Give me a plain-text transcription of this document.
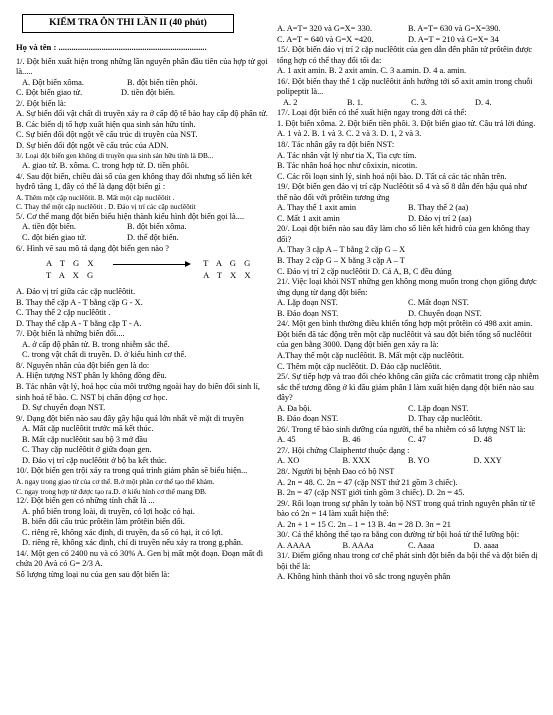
KIỂM TRA ÔN THI LẦN II (40 phút)

Họ và tên : .....................................................................

1/. Đột biến xuất hiện trong những lần nguyên phân đầu tiên của hợp tử gọi là.....

A. Đột biến xôma.	B. đột biến tiền phôi.
C. Đột biến giao tử.	D. tiền đột biến.

2/. Đột biến là:

A. Sự biến đổi vật chất di truyền xảy ra ở cấp độ tế bào hay cấp độ phân tử. B. Các biến dị tổ hợp xuất hiện qua sinh sản hữu tính.

C. Sự biến đổi đột ngột về cấu trúc di truyền của NST.

D. Sự biến đổi đột ngột về cấu trúc của ADN.

3/. Loại đột biến gen không di truyền qua sinh sản hữu tính là ĐB...

A. giao tử. B. xôma. C. trong hợp tử. D. tiền phôi.

4/. Sau đột biến, chiều dài số của gen không thay đổi nhưng số liên kết hyđrô tăng 1, đây có thể là dạng đột biến gì :

A. Thêm một cặp nuclêôtit. B. Mất một cặp nuclêôtit .

C. Thay thế một cặp nuclêôtit . D. Đảo vị trí các cặp nuclêôtit

5/. Cơ thể mang đột biến biểu hiện thành kiểu hình đột biến gọi là....

A. tiền đột biến.	B. đột biến xôma.
C. đột biến giao tử.	D. thể đột biến.

6/. Hình vẽ sau mô tả dạng đột biến gen nào ?

A T G X
T A X G
T A G G
A T X X

A. Đảo vị trí giữa các cặp nuclêôtit.

B. Thay thế cặp A - T bằng cặp G - X.

C. Thay thế 2 cặp nuclêôtit .

D. Thay thế cặp A - T bằng cặp T - A.

7/. Đột biến là những biến đổi....

A. ở cấp độ phân tử. B. trong nhiễm sắc thể.

C. trong vật chất di truyền. D. ở kiểu hình cơ thể.

8/. Nguyên nhân của đột biến gen là do:

A. Hiện tượng NST phân ly không đồng đều.

B. Tác nhân vật lý, hoá học của môi trường ngoài hay do biến đổi sinh lí, sinh hoá tế bào. C. NST bị chấn động cơ học.

D. Sự chuyển đoạn NST.

9/. Dạng đột biến nào sau đây gây hậu quả lớn nhất về mặt di truyền

A. Mất cặp nuclêôtit trước mã kết thúc.

B. Mất cặp nuclêôtit sau bộ 3 mở đầu

C. Thay cặp nuclêôtit ở giữa đoạn gen.

D. Đảo vị trí cặp nuclêôtit ở bộ ba kết thúc.

10/. Đột biến gen trội xảy ra trong quá trình giảm phân sẽ biểu hiện...

A. ngay trong giao tử của cơ thể. B.ở một phần cơ thể tạo thể khảm.

C. ngay trong hợp tử được tạo ra.D. ở kiểu hình cơ thể mang ĐB.

12/. Đột biến gen có những tính chất là ...

A. phổ biến trong loài, di truyền, có lợi hoặc có hại.

B. biến đổi cấu trúc prôtêin làm prôtêin biến đổi.

C. riêng rẽ, không xác định, di truyền, đa số có hại, ít có lợi.

D. riêng rẽ, không xác định, chỉ di truyền nếu xảy ra trong g.phân.

14/. Một gen có 2400 nu và có 30% A. Gen bị mất một đoạn. Đoạn mất đi chứa 20 Avà có G= 2/3 A.

Số lượng từng loại nu của gen sau đột biến là:

A. A=T= 320 và G=X= 330.	B. A=T= 630 và G=X=390.
C. A=T = 640 và G=X =420.	D. A=T = 210 và G=X= 34

15/. Đột biến đảo vị trí 2 cặp nuclêôtit của gen dẫn đến phân tử prôtêin được tổng hợp có thể thay đổi tối đa:

A. 1 axit amin. B. 2 axit amin. C. 3 a.amin. D. 4 a. amin.

16/. Đột biến thay thế 1 cặp nuclêôtit ảnh hưởng tới số axit amin trong chuỗi polipeptit là...

A. 2	B. 1.	C. 3.	D. 4.

17/. Loại đột biến có thể xuất hiện ngay trong đời cá thể:

1. Đột biến xôma. 2. Đột biến tiền phôi. 3. Đột biến giao tử. Câu trả lời đúng.

A. 1 và 2. B. 1 và 3. C. 2 và 3. D. 1, 2 và 3.

18/. Tác nhân gây ra đột biến NST:

A. Tác nhân vật lý như tia X, Tia cực tím.

B. Tác nhân hoá học như côxixin, nicotin.

C. Các rối loạn sinh lý, sinh hoá nội bào. D. Tất cả các tác nhân trên.

19/. Đột biến gen đảo vị trí cặp Nuclêôtit số 4 và số 8 dẫn đến hậu quả như thế nào đối với prôtêin tương ứng

A. Thay thế 1 axit amin	B. Thay thế 2 (aa)
C. Mất 1 axit amin	D. Đảo vị trí 2 (aa)

20/. Loại đột biến nào sau đây làm cho số liên kết hiđrô của gen không thay đổi?

A. Thay 3 cặp A – T bằng 2 cặp G – X

B. Thay 2 cặp G – X bằng 3 cặp A – T

C. Đảo vị trí 2 cặp nuclêôtit D. Cả A, B, C đều đúng

21/. Việc loại khỏi NST những gen không mong muốn trong chọn giống được ứng dụng từ dạng đột biến:

A. Lặp đoạn NST.	C. Mất đoạn NST.
B. Đảo đoạn NST.	D. Chuyển đoạn NST.

24/. Một gen bình thường điều khiển tổng hợp một prôtêin có 498 axit amin. Đột biến đã tác động trên một cặp nuclêôtit và sau đột biến tổng số nuclêôtit của gen bằng 3000. Dạng đột biến gen xảy ra là:

A.Thay thế một cặp nuclêôtit. B. Mất một cặp nuclêôtit.

C. Thêm một cặp nuclêôtit. D. Đảo cặp nuclêôtit.

25/. Sự tiếp hợp và trao đổi chéo không cân giữa các crômatit trong cặp nhiễm sắc thể tương đồng ở kì đầu giảm phân I làm xuất hiện dạng đột biến nào sau đây?

A. Đa bội.	C. Lặp đoạn NST.
B. Đảo đoạn NST.	D. Thay cặp nuclêôtit.

26/. Trong tế bào sinh dưỡng của người, thể ba nhiễm có số lượng NST là:

A. 45	B. 46	C. 47	D. 48

27/. Hội chứng Claiphentơ thuộc dạng :

A. XO	B. XXX	B. YO	D. XXY

28/. Người bị bệnh Đao có bộ NST

A. 2n = 48. C. 2n = 47 (cặp NST thứ 21 gồm 3 chiếc).

B. 2n = 47 (cặp NST giới tính gồm 3 chiếc). D. 2n = 45.

29/. Rối loạn trong sự phân ly toàn bộ NST trong quá trình nguyên phân từ tế bào có 2n = 14 làm xuất hiện thể:

A. 2n + 1 = 15 C. 2n – 1 = 13 B. 4n = 28 D. 3n = 21

30/. Cá thể không thể tạo ra bằng con đường từ bội hoá từ thể lưỡng bội:

A. AAAA	B. AAAa	C. Aaaa	D. aaaa

31/. Điểm giống nhau trong cơ chế phát sinh đột biến đa bội thể và đột biến dị bội thể là:

A. Không hình thành thoi vô sắc trong nguyên phân
